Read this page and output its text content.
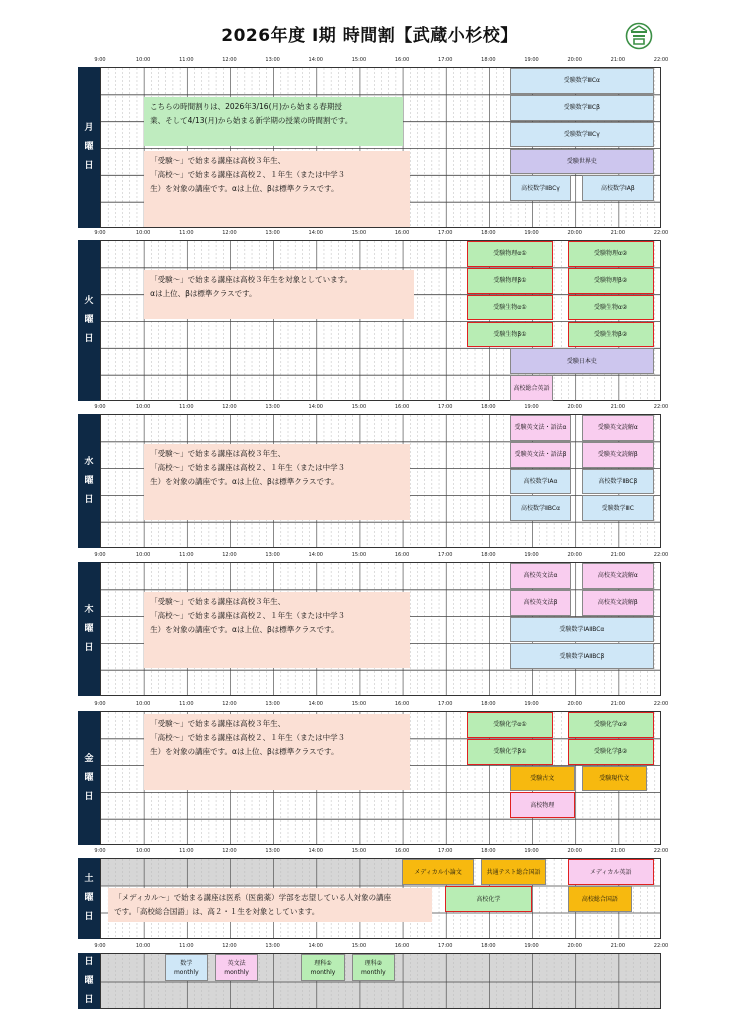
2026年度 Ⅰ期 時間割【武蔵小杉校】
9:00	10:00	11:00	12:00	13:00	14:00	15:00	16:00	17:00	18:00	19:00	20:00	21:00	22:00
月
曜
日
こちらの時間割りは、2026年3/16(月)から始まる春期授
業、そして4/13(月)から始まる新学期の授業の時間割です。
「受験～」で始まる講座は高校３年生、
「高校～」で始まる講座は高校２、１年生（または中学３
生）を対象の講座です。αは上位、βは標準クラスです。
受験数学ⅢCα
受験数学ⅢCβ
受験数学ⅢCγ
受験世界史
高校数学ⅡBCγ	高校数学ⅠAβ
9:00	10:00	11:00	12:00	13:00	14:00	15:00	16:00	17:00	18:00	19:00	20:00	21:00	22:00
火
曜
日
「受験～」で始まる講座は高校３年生を対象としています。
αは上位、βは標準クラスです。
受験物理α①	受験物理α②
受験物理β①	受験物理β②
受験生物α①	受験生物α②
受験生物β①	受験生物β②
受験日本史
高校総合英語
9:00	10:00	11:00	12:00	13:00	14:00	15:00	16:00	17:00	18:00	19:00	20:00	21:00	22:00
水
曜
日
「受験～」で始まる講座は高校３年生、
「高校～」で始まる講座は高校２、１年生（または中学３
生）を対象の講座です。αは上位、βは標準クラスです。
受験英文法・語法α	受験英文読解α
受験英文法・語法β	受験英文読解β
高校数学ⅠAα	高校数学ⅡBCβ
高校数学ⅡBCα	受験数学ⅢC
9:00	10:00	11:00	12:00	13:00	14:00	15:00	16:00	17:00	18:00	19:00	20:00	21:00	22:00
木
曜
日
「受験～」で始まる講座は高校３年生、
「高校～」で始まる講座は高校２、１年生（または中学３
生）を対象の講座です。αは上位、βは標準クラスです。
高校英文法α	高校英文読解α
高校英文法β	高校英文読解β
受験数学ⅠAⅡBCα
受験数学ⅠAⅡBCβ
9:00	10:00	11:00	12:00	13:00	14:00	15:00	16:00	17:00	18:00	19:00	20:00	21:00	22:00
金
曜
日
「受験～」で始まる講座は高校３年生、
「高校～」で始まる講座は高校２、１年生（または中学３
生）を対象の講座です。αは上位、βは標準クラスです。
受験化学α①	受験化学α②
受験化学β①	受験化学β②
受験古文	受験現代文
高校物理
9:00	10:00	11:00	12:00	13:00	14:00	15:00	16:00	17:00	18:00	19:00	20:00	21:00	22:00
土
曜
日
「メディカル～」で始まる講座は医系（医歯薬）学部を志望している人対象の講座
です。「高校総合国語」は、高２・１生を対象としています。
メディカル小論文	共通テスト総合国語	メディカル英語
高校化学	高校総合国語
9:00	10:00	11:00	12:00	13:00	14:00	15:00	16:00	17:00	18:00	19:00	20:00	21:00	22:00
日
曜
日
数学
monthly
英文法
monthly
理科①
monthly
理科②
monthly
